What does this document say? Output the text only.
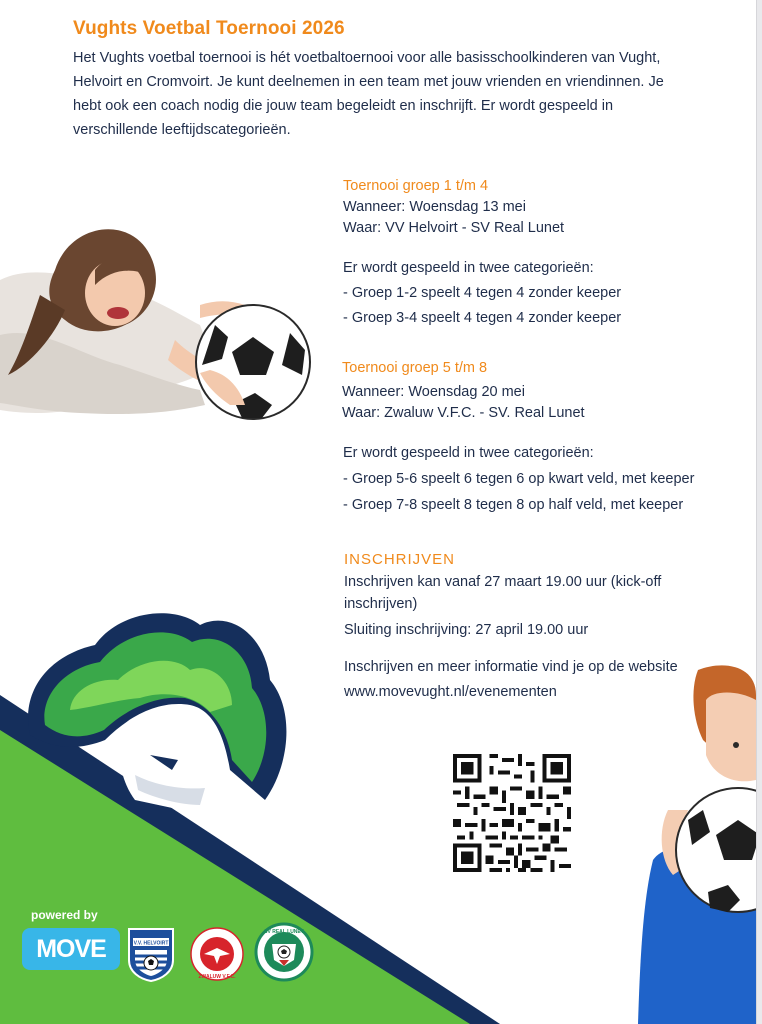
Vughts Voetbal Toernooi 2026
Het Vughts voetbal toernooi is hét voetbaltoernooi voor alle basisschoolkinderen van Vught, Helvoirt en Cromvoirt. Je kunt deelnemen in een team met jouw vrienden en vriendinnen. Je hebt ook een coach nodig die jouw team begeleidt en inschrijft. Er wordt gespeeld in verschillende leeftijdscategorieën.
Toernooi groep 1 t/m 4
Wanneer: Woensdag 13 mei
Waar: VV Helvoirt - SV Real Lunet
Er wordt gespeeld in twee categorieën:
- Groep 1-2 speelt 4 tegen 4 zonder keeper
- Groep 3-4 speelt 4 tegen 4 zonder keeper
Toernooi groep 5 t/m 8
Wanneer: Woensdag 20 mei
Waar: Zwaluw V.F.C. - SV. Real Lunet
Er wordt gespeeld in twee categorieën:
- Groep 5-6 speelt 6 tegen 6 op kwart veld, met keeper
- Groep 7-8 speelt 8 tegen 8 op half veld, met keeper
INSCHRIJVEN
Inschrijven kan vanaf 27 maart 19.00 uur (kick-off
inschrijven)
Sluiting inschrijving: 27 april 19.00 uur
Inschrijven en meer informatie vind je op de website
www.movevught.nl/evenementen
powered by
MOVE	V.V. HELVOIRT
ZWALUW V.F.C.
SV REAL LUNET
